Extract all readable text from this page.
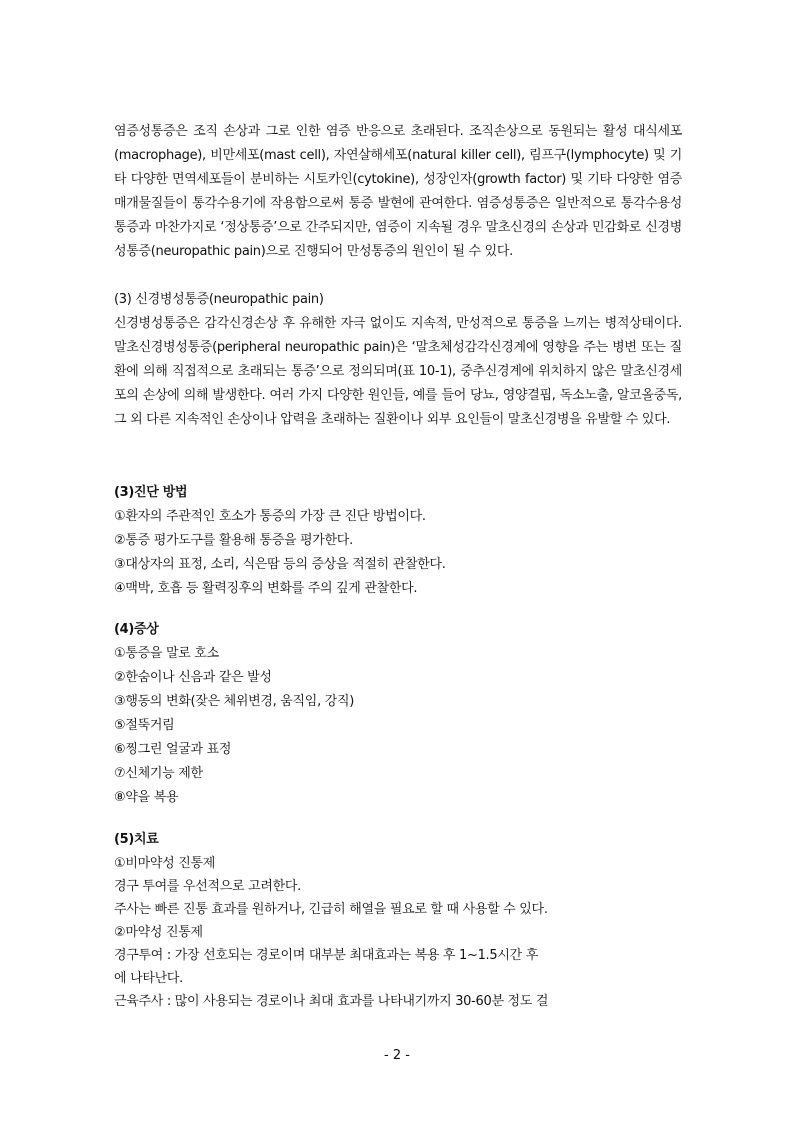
염증성통증은 조직 손상과 그로 인한 염증 반응으로 초래된다. 조직손상으로 동원되는 활성 대식세포(macrophage), 비만세포(mast cell), 자연살해세포(natural killer cell), 림프구(lymphocyte) 및 기타 다양한 면역세포들이 분비하는 시토카인(cytokine), 성장인자(growth factor) 및 기타 다양한 염증매개물질들이 통각수용기에 작용함으로써 통증 발현에 관여한다. 염증성통증은 일반적으로 통각수용성통증과 마찬가지로 ‘정상통증’으로 간주되지만, 염증이 지속될 경우 말초신경의 손상과 민감화로 신경병성통증(neuropathic pain)으로 진행되어 만성통증의 원인이 될 수 있다.
(3) 신경병성통증(neuropathic pain)
신경병성통증은 감각신경손상 후 유해한 자극 없이도 지속적, 만성적으로 통증을 느끼는 병적상태이다. 말초신경병성통증(peripheral neuropathic pain)은 ‘말초체성감각신경계에 영향을 주는 병변 또는 질환에 의해 직접적으로 초래되는 통증’으로 정의되며(표 10-1), 중추신경계에 위치하지 않은 말초신경세포의 손상에 의해 발생한다. 여러 가지 다양한 원인들, 예를 들어 당뇨, 영양결핍, 독소노출, 알코올중독, 그 외 다른 지속적인 손상이나 압력을 초래하는 질환이나 외부 요인들이 말초신경병을 유발할 수 있다.
(3)진단 방법
①환자의 주관적인 호소가 통증의 가장 큰 진단 방법이다.
②통증 평가도구를 활용해 통증을 평가한다.
③대상자의 표정, 소리, 식은땀 등의 증상을 적절히 관찰한다.
④맥박, 호흡 등 활력징후의 변화를 주의 깊게 관찰한다.
(4)증상
①통증을 말로 호소
②한숨이나 신음과 같은 발성
③행동의 변화(잦은 체위변경, 움직임, 강직)
⑤절뚝거림
⑥찡그린 얼굴과 표정
⑦신체기능 제한
⑧약을 복용
(5)치료
①비마약성 진통제
경구 투여를 우선적으로 고려한다.
주사는 빠른 진통 효과를 원하거나, 긴급히 해열을 필요로 할 때 사용할 수 있다.
②마약성 진통제
경구투여 : 가장 선호되는 경로이며 대부분 최대효과는 복용 후 1~1.5시간 후
에 나타난다.
근육주사 : 많이 사용되는 경로이나 최대 효과를 나타내기까지 30-60분 정도 걸
- 2 -
